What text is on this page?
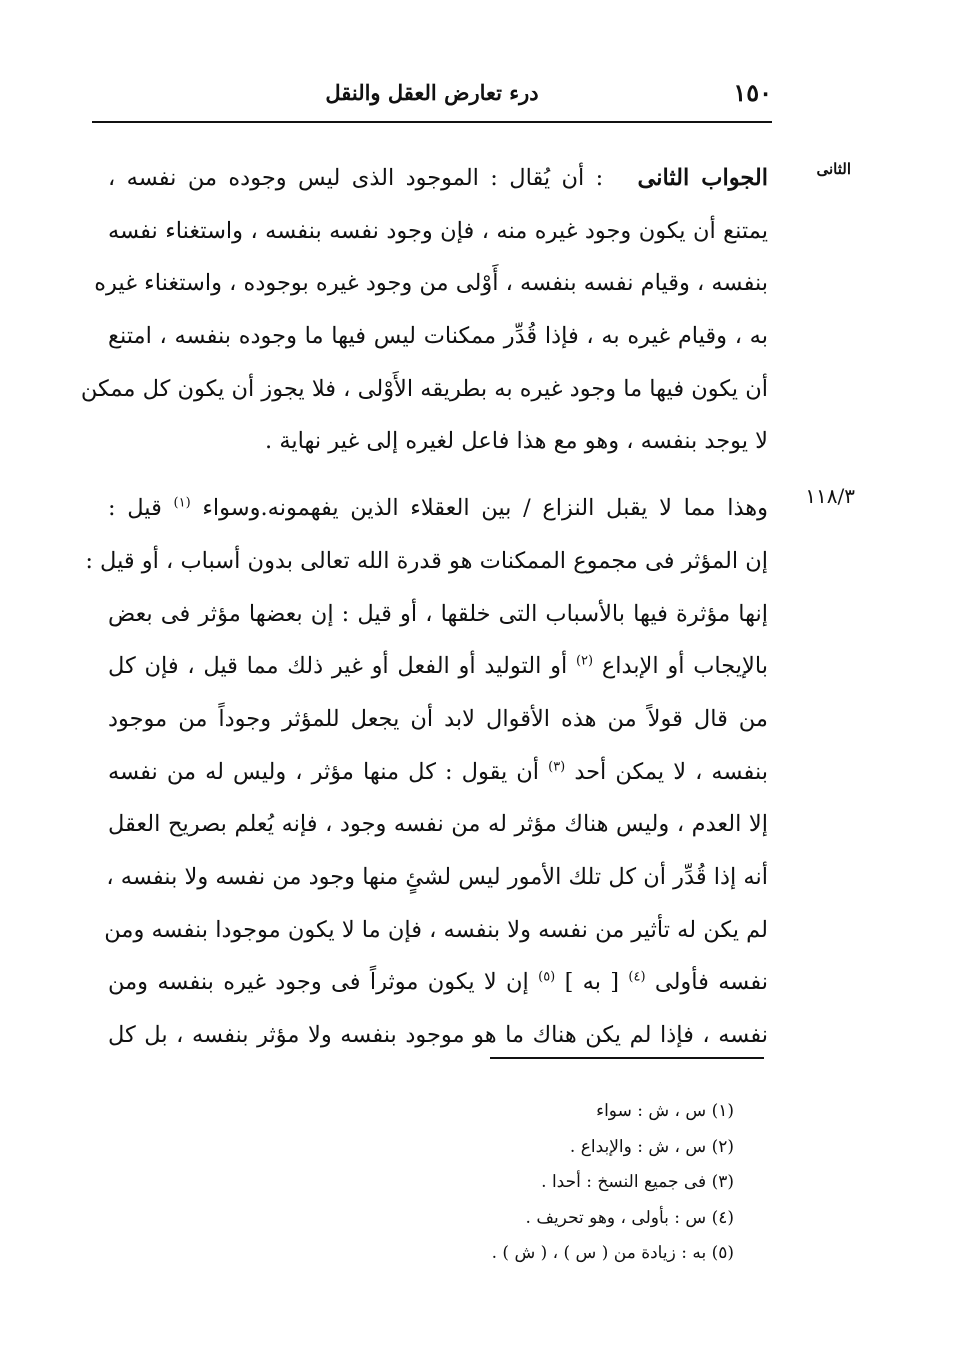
١٥٠
درء تعارض العقل والنقل
الثانى
١١٨/٣
الجواب الثانى   : أن يُقال : الموجود الذى ليس وجوده من نفسه ،
يمتنع أن يكون وجود غيره منه ، فإن وجود نفسه بنفسه ، واستغناء نفسه
بنفسه ، وقيام نفسه بنفسه ، أَوْلى من وجود غيره بوجوده ، واستغناء غيره
به ، وقيام غيره به ، فإذا قُدِّر ممكنات ليس فيها ما وجوده بنفسه ، امتنع
أن يكون فيها ما وجود غيره به بطريقه الأَوْلى ، فلا يجوز أن يكون كل ممكن
لا يوجد بنفسه ، وهو مع هذا فاعل لغيره إلى غير نهاية .
وهذا مما لا يقبل النزاع / بين العقلاء الذين يفهمونه.وسواء $^{(١)}$ قيل :
إن المؤثر فى مجموع الممكنات هو قدرة الله تعالى بدون أسباب ، أو قيل :
إنها مؤثرة فيها بالأسباب التى خلقها ، أو قيل : إن بعضها مؤثر فى بعض
بالإيجاب أو الإبداع $^{(٢)}$ أو التوليد أو الفعل أو غير ذلك مما قيل ، فإن كل
من قال قولاً من هذه الأقوال لابد أن يجعل للمؤثر وجوداً من موجود
بنفسه ، لا يمكن أحد $^{(٣)}$ أن يقول : كل منها مؤثر ، وليس له من نفسه
إلا العدم ، وليس هناك مؤثر له من نفسه وجود ، فإنه يُعلم بصريح العقل
أنه إذا قُدِّر أن كل تلك الأمور ليس لشئٍ منها وجود من نفسه ولا بنفسه ،
لم يكن له تأثير من نفسه ولا بنفسه ، فإن ما لا يكون موجودا بنفسه ومن
نفسه فأولى $^{(٤)}$ [ به ] $^{(٥)}$ إن لا يكون موثراً فى وجود غيره بنفسه ومن
نفسه ، فإذا لم يكن هناك ما هو موجود بنفسه ولا مؤثر بنفسه ، بل كل
(١) س ، ش : سواء
(٢) س ، ش : والإبداع .
(٣) فى جميع النسخ : أحدا .
(٤) س : بأولى ، وهو تحريف .
(٥) به : زيادة من ( س ) ، ( ش ) .
